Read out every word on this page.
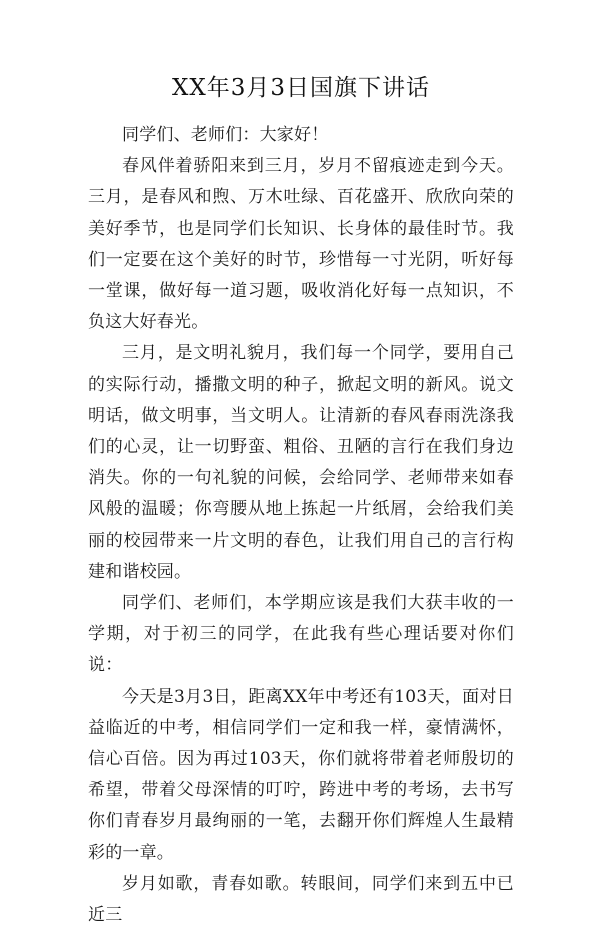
XX年3月3日国旗下讲话

同学们、老师们：大家好！

春风伴着骄阳来到三月，岁月不留痕迹走到今天。三月，是春风和煦、万木吐绿、百花盛开、欣欣向荣的美好季节，也是同学们长知识、长身体的最佳时节。我们一定要在这个美好的时节，珍惜每一寸光阴，听好每一堂课，做好每一道习题，吸收消化好每一点知识，不负这大好春光。

三月，是文明礼貌月，我们每一个同学，要用自己的实际行动，播撒文明的种子，掀起文明的新风。说文明话，做文明事，当文明人。让清新的春风春雨洗涤我们的心灵，让一切野蛮、粗俗、丑陋的言行在我们身边消失。你的一句礼貌的问候，会给同学、老师带来如春风般的温暖；你弯腰从地上拣起一片纸屑，会给我们美丽的校园带来一片文明的春色，让我们用自己的言行构建和谐校园。

同学们、老师们，本学期应该是我们大获丰收的一学期，对于初三的同学，在此我有些心理话要对你们说：

今天是3月3日，距离XX年中考还有103天，面对日益临近的中考，相信同学们一定和我一样，豪情满怀，信心百倍。因为再过103天，你们就将带着老师殷切的希望，带着父母深情的叮咛，跨进中考的考场，去书写你们青春岁月最绚丽的一笔，去翻开你们辉煌人生最精彩的一章。

岁月如歌，青春如歌。转眼间，同学们来到五中已近三
